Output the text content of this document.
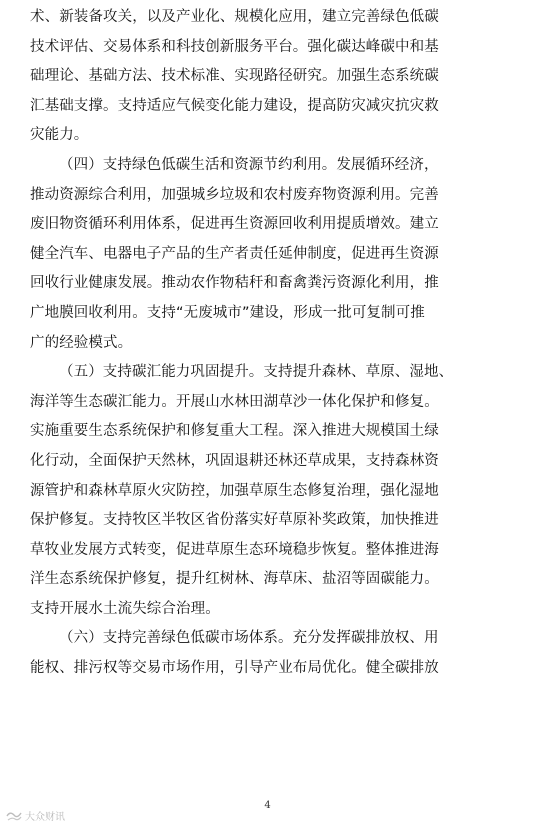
术、新装备攻关，以及产业化、规模化应用，建立完善绿色低碳
技术评估、交易体系和科技创新服务平台。强化碳达峰碳中和基
础理论、基础方法、技术标准、实现路径研究。加强生态系统碳
汇基础支撑。支持适应气候变化能力建设，提高防灾减灾抗灾救
灾能力。
（四）支持绿色低碳生活和资源节约利用。发展循环经济，
推动资源综合利用，加强城乡垃圾和农村废弃物资源利用。完善
废旧物资循环利用体系，促进再生资源回收利用提质增效。建立
健全汽车、电器电子产品的生产者责任延伸制度，促进再生资源
回收行业健康发展。推动农作物秸秆和畜禽粪污资源化利用，推
广地膜回收利用。支持“无废城市”建设，形成一批可复制可推
广的经验模式。
（五）支持碳汇能力巩固提升。支持提升森林、草原、湿地、
海洋等生态碳汇能力。开展山水林田湖草沙一体化保护和修复。
实施重要生态系统保护和修复重大工程。深入推进大规模国土绿
化行动，全面保护天然林，巩固退耕还林还草成果，支持森林资
源管护和森林草原火灾防控，加强草原生态修复治理，强化湿地
保护修复。支持牧区半牧区省份落实好草原补奖政策，加快推进
草牧业发展方式转变，促进草原生态环境稳步恢复。整体推进海
洋生态系统保护修复，提升红树林、海草床、盐沼等固碳能力。
支持开展水土流失综合治理。
（六）支持完善绿色低碳市场体系。充分发挥碳排放权、用
能权、排污权等交易市场作用，引导产业布局优化。健全碳排放
4
大众财讯
